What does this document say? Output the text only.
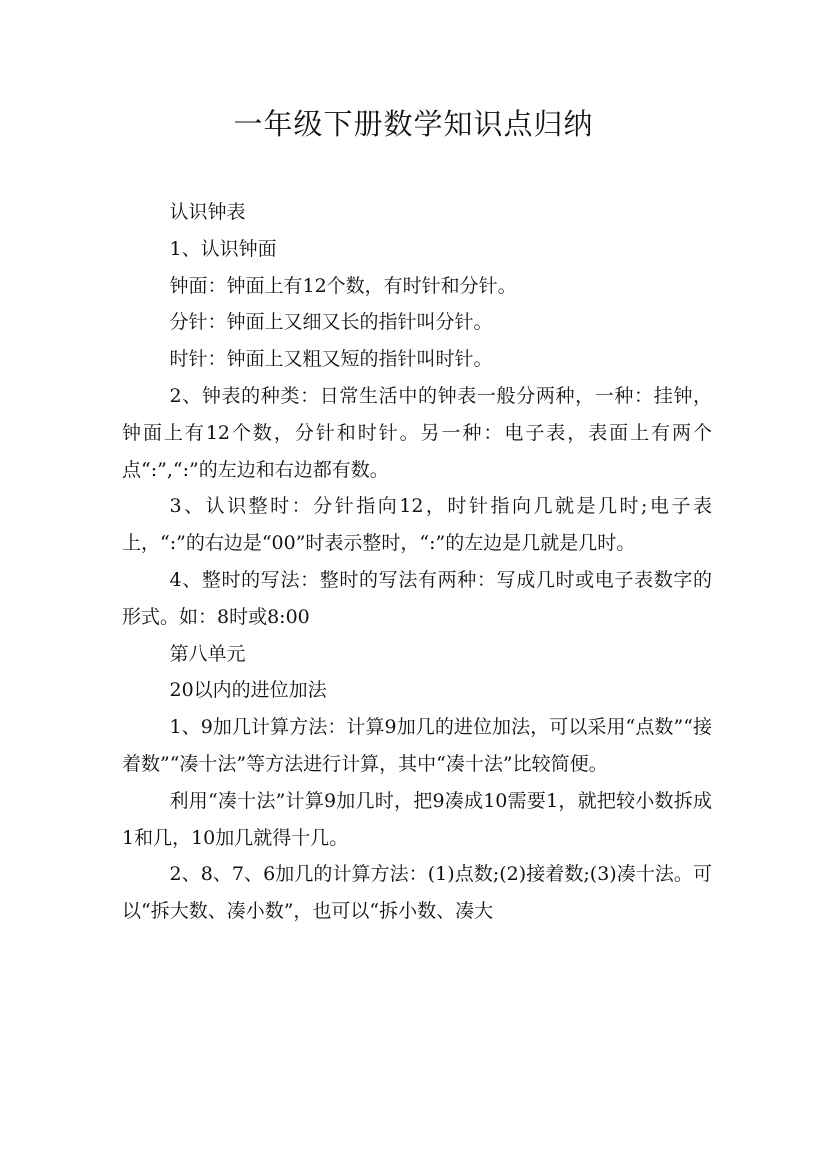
一年级下册数学知识点归纳

认识钟表

1、认识钟面

钟面：钟面上有12个数，有时针和分针。

分针：钟面上又细又长的指针叫分针。

时针：钟面上又粗又短的指针叫时针。

2、钟表的种类：日常生活中的钟表一般分两种，一种：挂钟，钟面上有12个数，分针和时针。另一种：电子表，表面上有两个点“:”,“:”的左边和右边都有数。

3、认识整时：分针指向12，时针指向几就是几时;电子表上，“:”的右边是“00”时表示整时，“:”的左边是几就是几时。

4、整时的写法：整时的写法有两种：写成几时或电子表数字的形式。如：8时或8:00

第八单元

20以内的进位加法

1、9加几计算方法：计算9加几的进位加法，可以采用“点数”“接着数”“凑十法”等方法进行计算，其中“凑十法”比较简便。

利用“凑十法”计算9加几时，把9凑成10需要1，就把较小数拆成1和几，10加几就得十几。

2、8、7、6加几的计算方法：(1)点数;(2)接着数;(3)凑十法。可以“拆大数、凑小数”，也可以“拆小数、凑大
